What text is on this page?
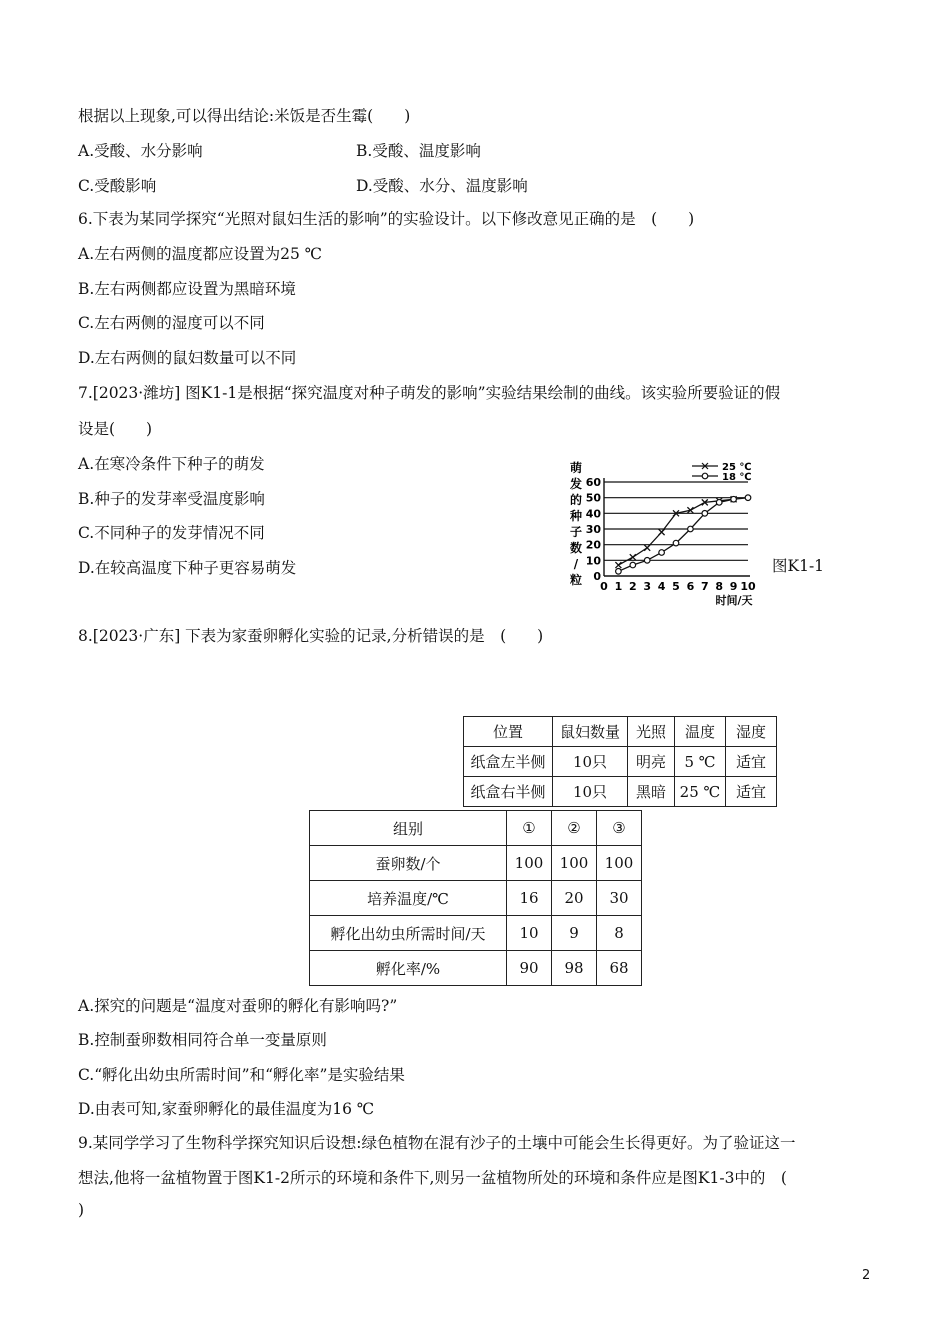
根据以上现象,可以得出结论:米饭是否生霉(　　)
A.受酸、水分影响	B.受酸、温度影响
C.受酸影响	D.受酸、水分、温度影响
6.下表为某同学探究“光照对鼠妇生活的影响”的实验设计。以下修改意见正确的是　(　　)
A.左右两侧的温度都应设置为25 ℃
B.左右两侧都应设置为黑暗环境
C.左右两侧的湿度可以不同
D.左右两侧的鼠妇数量可以不同
7.[2023·潍坊] 图K1-1是根据“探究温度对种子萌发的影响”实验结果绘制的曲线。该实验所要验证的假
设是(　　)
A.在寒冷条件下种子的萌发
B.种子的发芽率受温度影响
C.不同种子的发芽情况不同
D.在较高温度下种子更容易萌发	0
10
20
30
40
50
60
0 1 2 3 4 5 6 7 8 9 10
萌
发
的
种
子
数
/
粒
时间/天
25 ℃
18 ℃
图K1-1
8.[2023·广东] 下表为家蚕卵孵化实验的记录,分析错误的是　(　　)
位置	鼠妇数量	光照	温度	湿度
纸盒左半侧	10只	明亮	5 ℃	适宜
纸盒右半侧	10只	黑暗	25 ℃	适宜
组别	①	②	③
蚕卵数/个	100	100	100
培养温度/℃	16	20	30
孵化出幼虫所需时间/天	10	9	8
孵化率/%	90	98	68
A.探究的问题是“温度对蚕卵的孵化有影响吗?”
B.控制蚕卵数相同符合单一变量原则
C.“孵化出幼虫所需时间”和“孵化率”是实验结果
D.由表可知,家蚕卵孵化的最佳温度为16 ℃
9.某同学学习了生物科学探究知识后设想:绿色植物在混有沙子的土壤中可能会生长得更好。为了验证这一
想法,他将一盆植物置于图K1-2所示的环境和条件下,则另一盆植物所处的环境和条件应是图K1-3中的　(
)
2
